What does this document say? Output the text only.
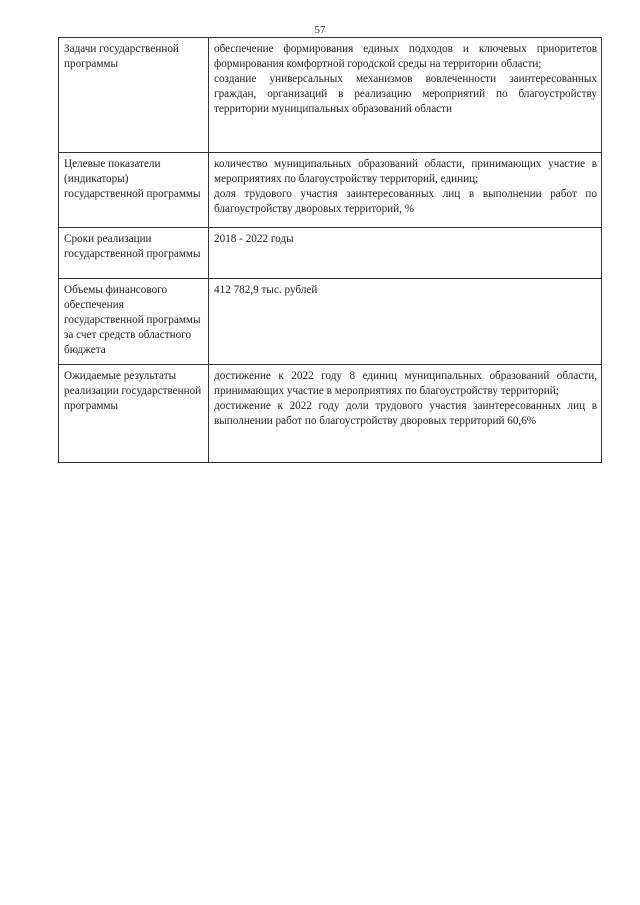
57
Задачи государственной программы	обеспечение формирования единых подходов и ключевых приоритетов формирования комфортной городской среды на территории области;
создание универсальных механизмов вовлеченности заинтересованных граждан, организаций в реализацию мероприятий по благоустройству территории муниципальных образований области

Целевые показатели (индикаторы) государственной программы	количество муниципальных образований области, принимающих участие в мероприятиях по благоустройству территорий, единиц;
доля трудового участия заинтересованных лиц в выполнении работ по благоустройству дворовых территорий, %

Сроки реализации государственной программы	2018 - 2022 годы

Объемы финансового обеспечения государственной программы за счет средств областного бюджета	412 782,9 тыс. рублей

Ожидаемые результаты реализации государственной программы	достижение к 2022 году 8 единиц муниципальных образований области, принимающих участие в мероприятиях по благоустройству территорий;
достижение к 2022 году доли трудового участия заинтересованных лиц в выполнении работ по благоустройству дворовых территорий 60,6%
